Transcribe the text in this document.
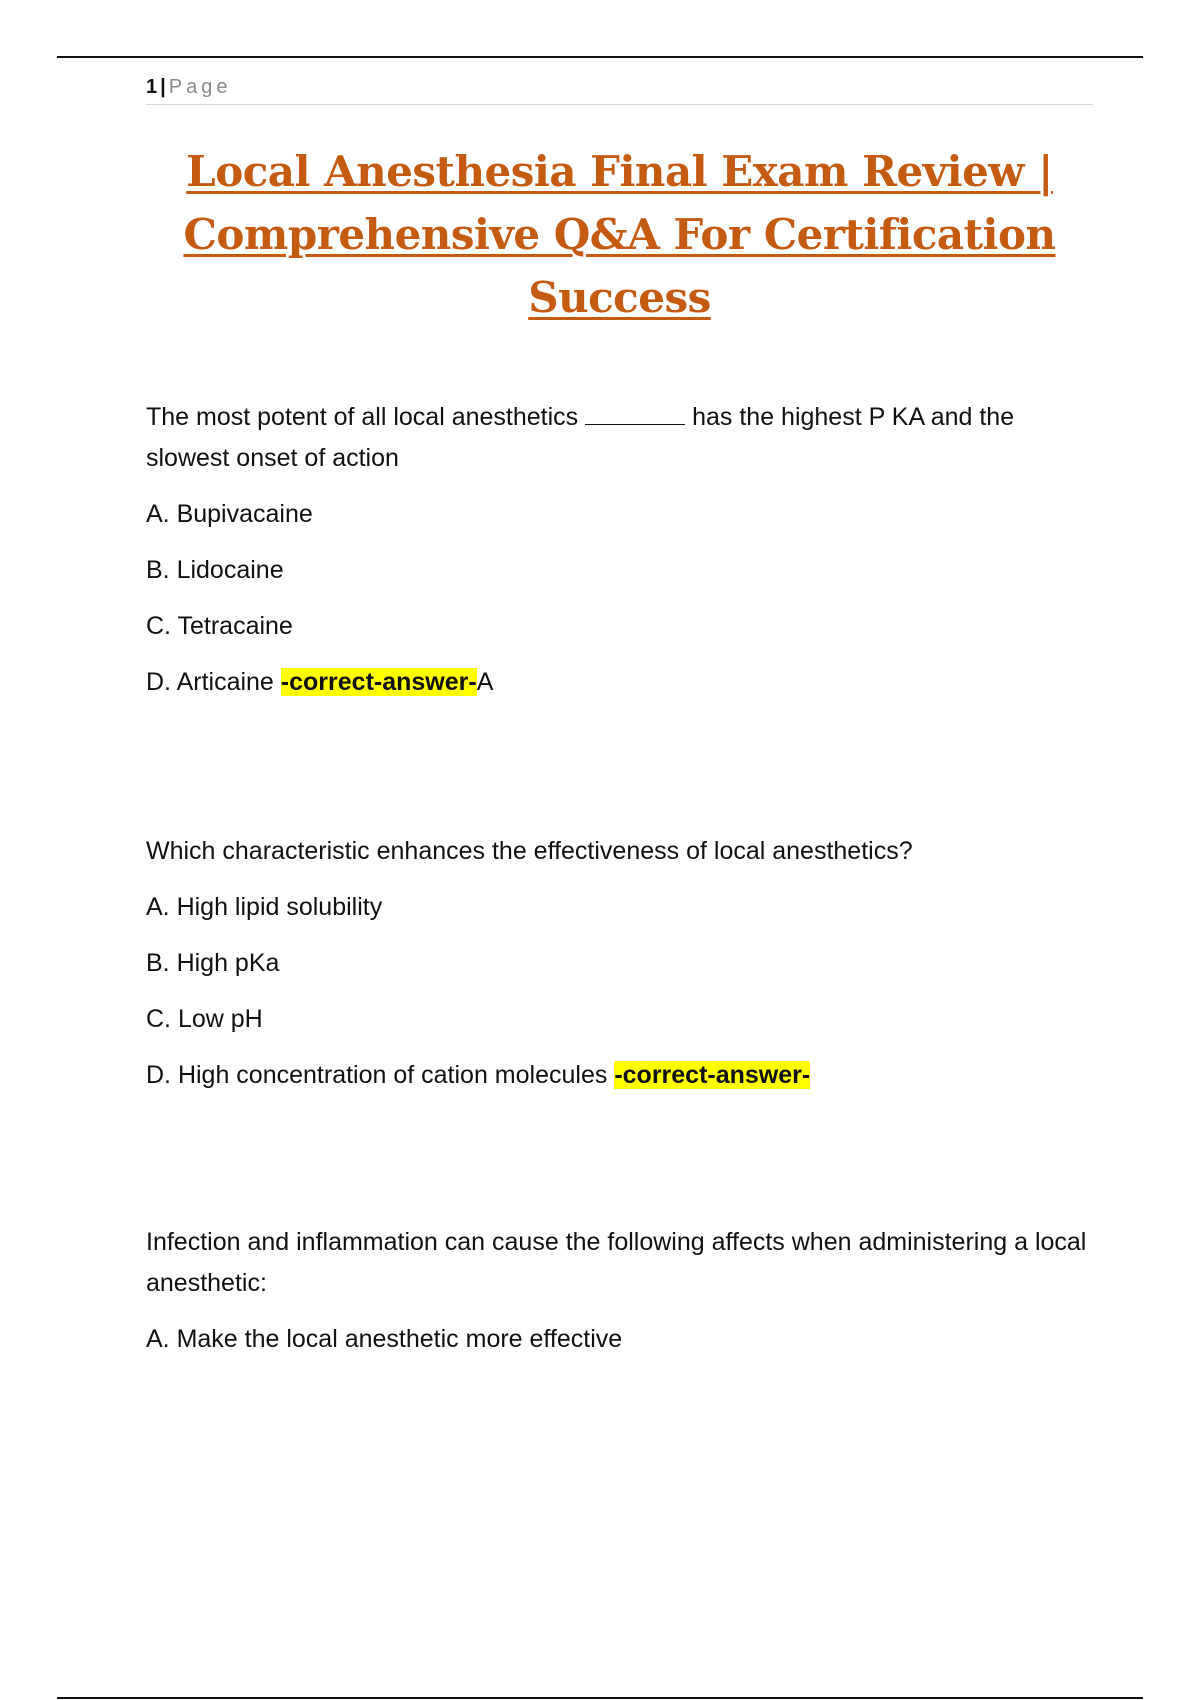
1 | Page
Local Anesthesia Final Exam Review |
Comprehensive Q&A For Certification
Success
The most potent of all local anesthetics	has the highest P KA and the slowest onset of action
A. Bupivacaine
B. Lidocaine
C. Tetracaine
D. Articaine -correct-answer-A
Which characteristic enhances the effectiveness of local anesthetics?
A. High lipid solubility
B. High pKa
C. Low pH
D. High concentration of cation molecules -correct-answer-
Infection and inflammation can cause the following affects when administering a local anesthetic:
A. Make the local anesthetic more effective
